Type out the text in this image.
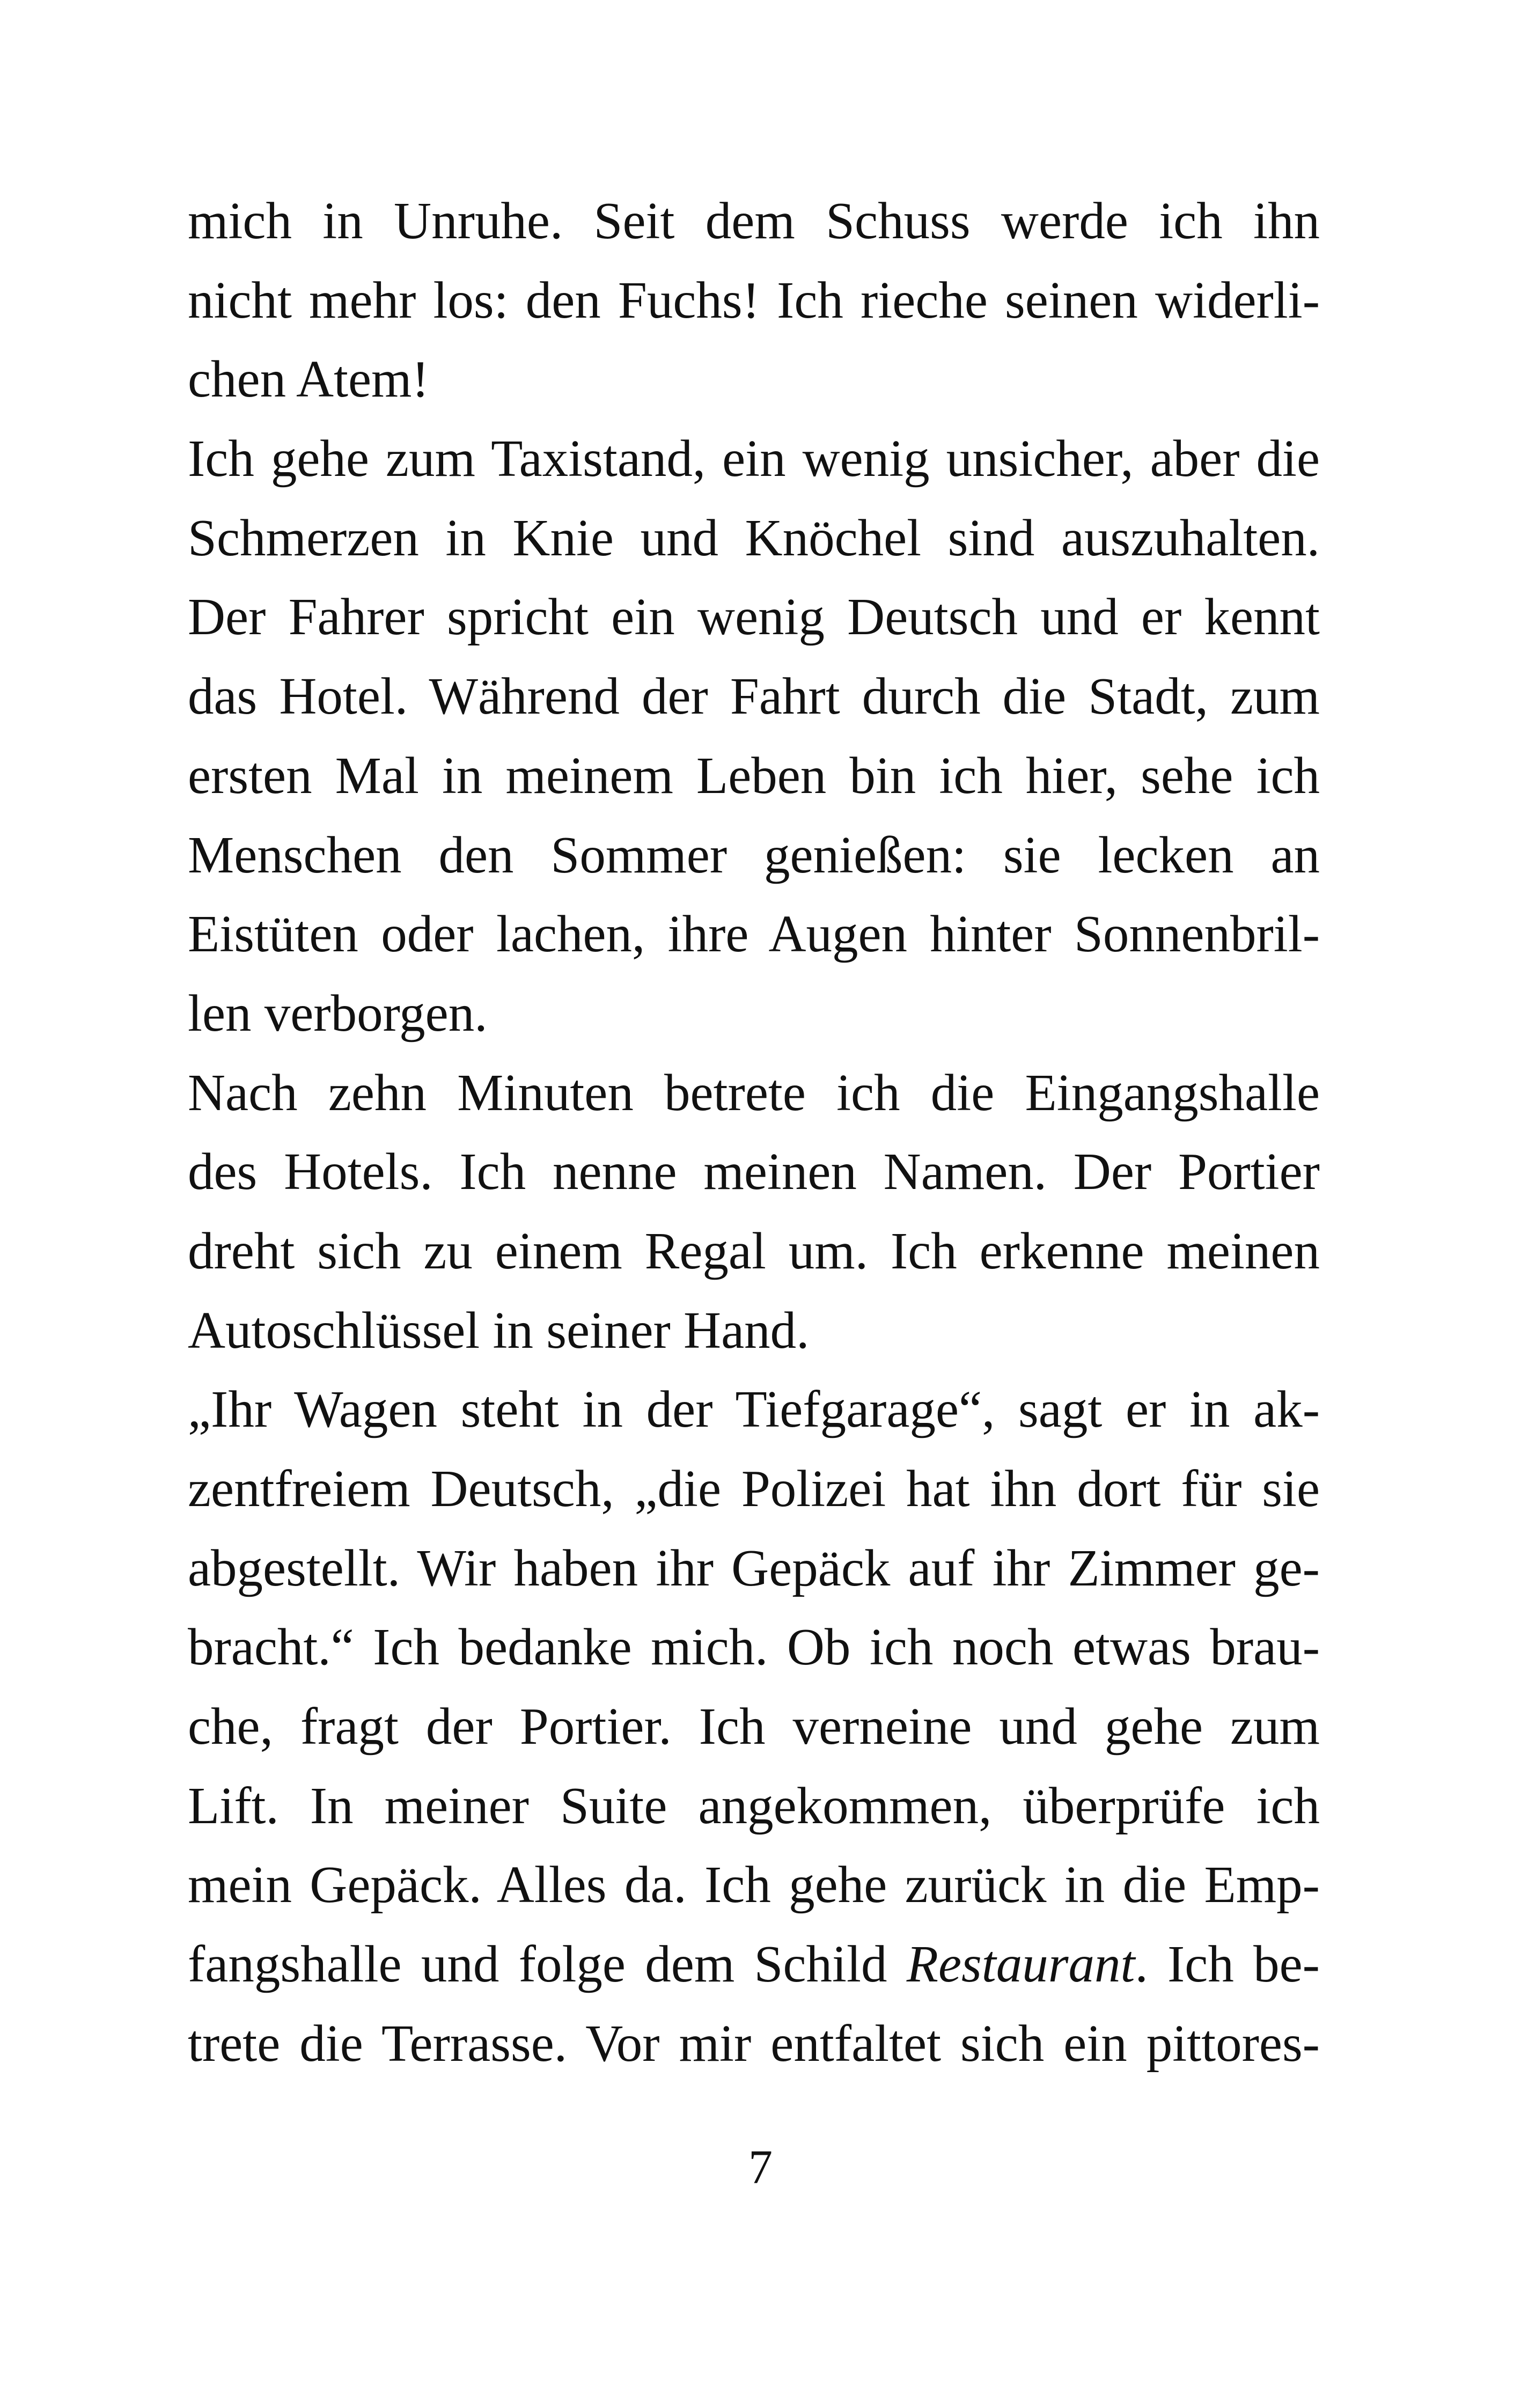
mich in Unruhe. Seit dem Schuss werde ich ihn
nicht mehr los: den Fuchs! Ich rieche seinen widerli-
chen Atem!
Ich gehe zum Taxistand, ein wenig unsicher, aber die
Schmerzen in Knie und Knöchel sind auszuhalten.
Der Fahrer spricht ein wenig Deutsch und er kennt
das Hotel. Während der Fahrt durch die Stadt, zum
ersten Mal in meinem Leben bin ich hier, sehe ich
Menschen den Sommer genießen: sie lecken an
Eistüten oder lachen, ihre Augen hinter Sonnenbril-
len verborgen.
Nach zehn Minuten betrete ich die Eingangshalle
des Hotels. Ich nenne meinen Namen. Der Portier
dreht sich zu einem Regal um. Ich erkenne meinen
Autoschlüssel in seiner Hand.
„Ihr Wagen steht in der Tiefgarage“, sagt er in ak-
zentfreiem Deutsch, „die Polizei hat ihn dort für sie
abgestellt. Wir haben ihr Gepäck auf ihr Zimmer ge-
bracht.“ Ich bedanke mich. Ob ich noch etwas brau-
che, fragt der Portier. Ich verneine und gehe zum
Lift. In meiner Suite angekommen, überprüfe ich
mein Gepäck. Alles da. Ich gehe zurück in die Emp-
fangshalle und folge dem Schild Restaurant. Ich be-
trete die Terrasse. Vor mir entfaltet sich ein pittores-
7
